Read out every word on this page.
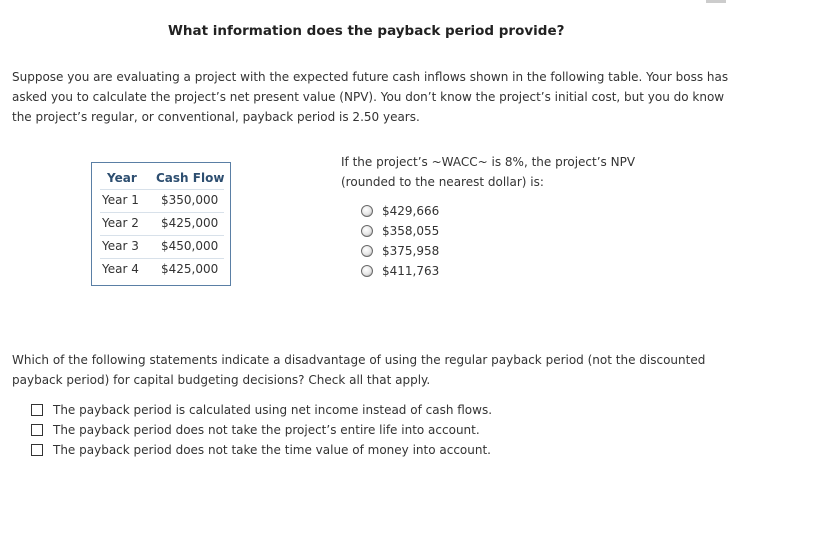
What information does the payback period provide?
Suppose you are evaluating a project with the expected future cash inflows shown in the following table. Your boss has asked you to calculate the project’s net present value (NPV). You don’t know the project’s initial cost, but you do know the project’s regular, or conventional, payback period is 2.50 years.
Year Cash Flow
Year 1 $350,000
Year 2 $425,000
Year 3 $450,000
Year 4 $425,000
If the project’s ~WACC~ is 8%, the project’s NPV (rounded to the nearest dollar) is:
$429,666
$358,055
$375,958
$411,763
Which of the following statements indicate a disadvantage of using the regular payback period (not the discounted payback period) for capital budgeting decisions? Check all that apply.
The payback period is calculated using net income instead of cash flows.
The payback period does not take the project’s entire life into account.
The payback period does not take the time value of money into account.
